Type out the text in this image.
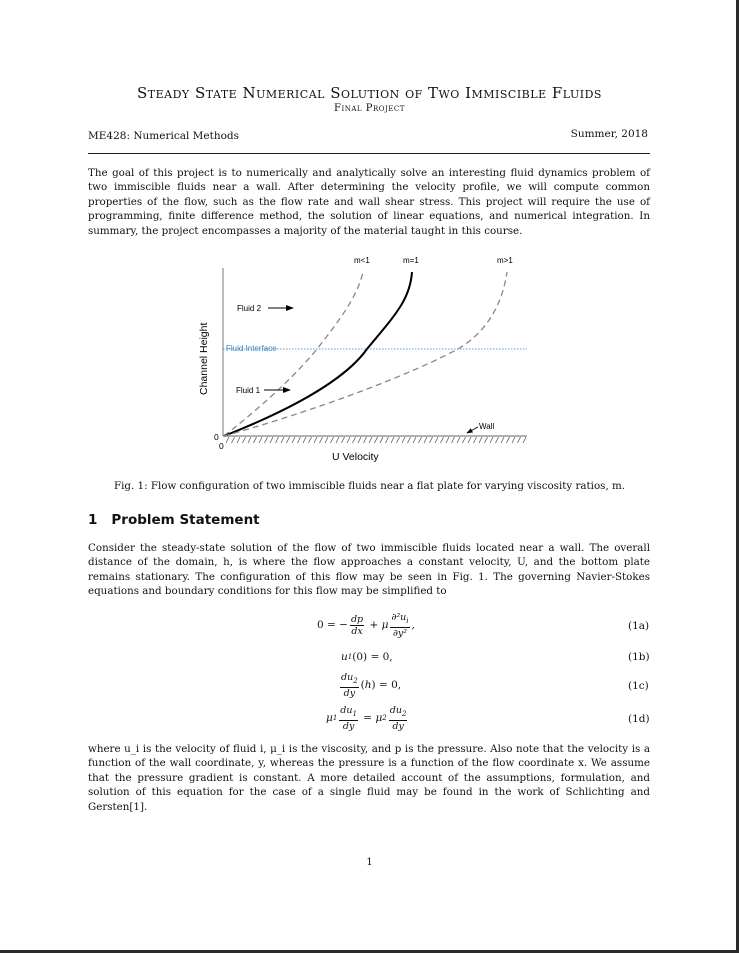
Steady State Numerical Solution of Two Immiscible Fluids
Final Project
ME428: Numerical Methods	Summer, 2018
The goal of this project is to numerically and analytically solve an interesting fluid dynamics problem of two immiscible fluids near a wall. After determining the velocity profile, we will compute common properties of the flow, such as the flow rate and wall shear stress. This project will require the use of programming, finite difference method, the solution of linear equations, and numerical integration. In summary, the project encompasses a majority of the material taught in this course.
m<1	m=1	m>1
Fluid 2
Fluid Interface
Fluid 1
Wall
Channel Height
U Velocity
0
0
Fig. 1: Flow configuration of two immiscible fluids near a flat plate for varying viscosity ratios, m.
1 Problem Statement
Consider the steady-state solution of the flow of two immiscible fluids located near a wall. The overall distance of the domain, h, is where the flow approaches a constant velocity, U, and the bottom plate remains stationary. The configuration of this flow may be seen in Fig. 1. The governing Navier-Stokes equations and boundary conditions for this flow may be simplified to
0 = − $\frac{dp}{dx} + \mu \frac{\partial^2u_i}{\text{∂y²}}$ ,	(1a)
u 1 (0) = 0,	(1b)
$\frac{du_2}{dy}$ ( h ) = 0,	(1c)
μ $1 \frac{du_1}{dy} = \mu$ $2 \frac{du_2}{dy}$	(1d)
where u_i is the velocity of fluid i, μ_i is the viscosity, and p is the pressure. Also note that the velocity is a function of the wall coordinate, y, whereas the pressure is a function of the flow coordinate x. We assume that the pressure gradient is constant. A more detailed account of the assumptions, formulation, and solution of this equation for the case of a single fluid may be found in the work of Schlichting and Gersten[1].
1
